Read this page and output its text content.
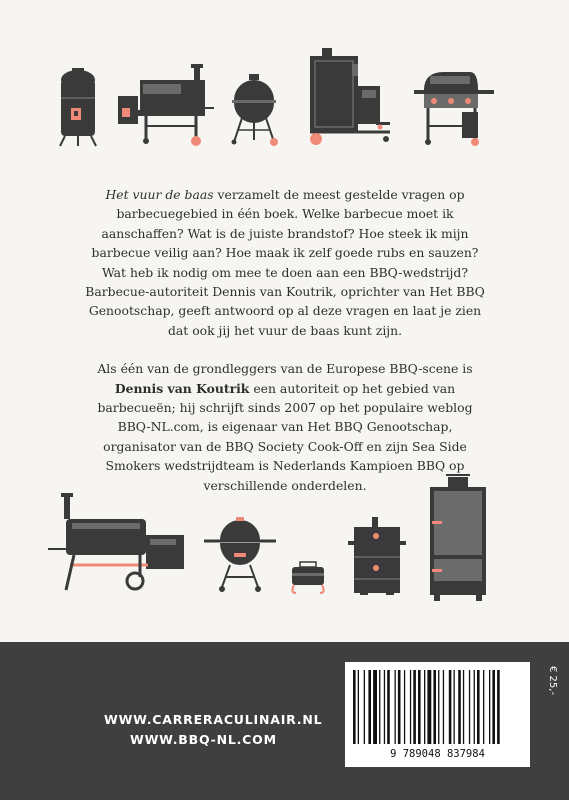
Het vuur de baas verzamelt de meest gestelde vragen op barbecuegebied in één boek. Welke barbecue moet ik aanschaffen? Wat is de juiste brandstof? Hoe steek ik mijn barbecue veilig aan? Hoe maak ik zelf goede rubs en sauzen? Wat heb ik nodig om mee te doen aan een BBQ-wedstrijd? Barbecue-autoriteit Dennis van Koutrik, oprichter van Het BBQ Genootschap, geeft antwoord op al deze vragen en laat je zien dat ook jij het vuur de baas kunt zijn.

Als één van de grondleggers van de Europese BBQ-scene is Dennis van Koutrik een autoriteit op het gebied van barbecueën; hij schrijft sinds 2007 op het populaire weblog BBQ-NL.com, is eigenaar van Het BBQ Genootschap, organisator van de BBQ Society Cook-Off en zijn Sea Side Smokers wedstrijdteam is Nederlands Kampioen BBQ op verschillende onderdelen.

WWW.CARRERACULINAIR.NL
WWW.BBQ-NL.COM
9 789048 837984
€ 25,-
